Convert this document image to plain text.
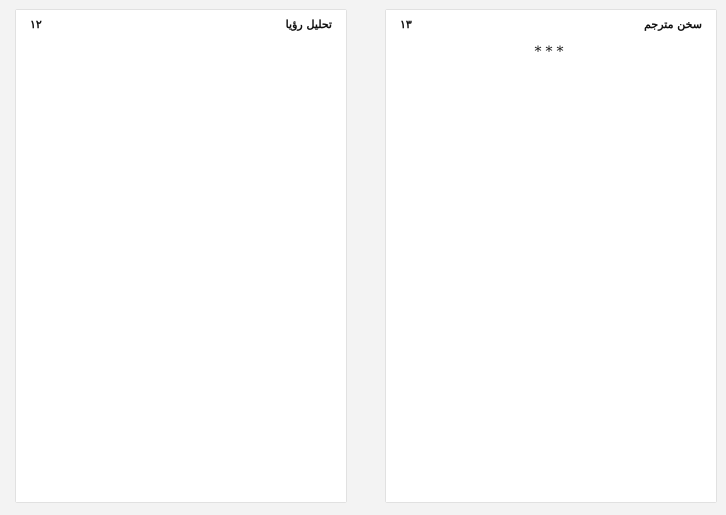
تحلیل رؤیا
١٢	سخن مترجم
١٣

***
